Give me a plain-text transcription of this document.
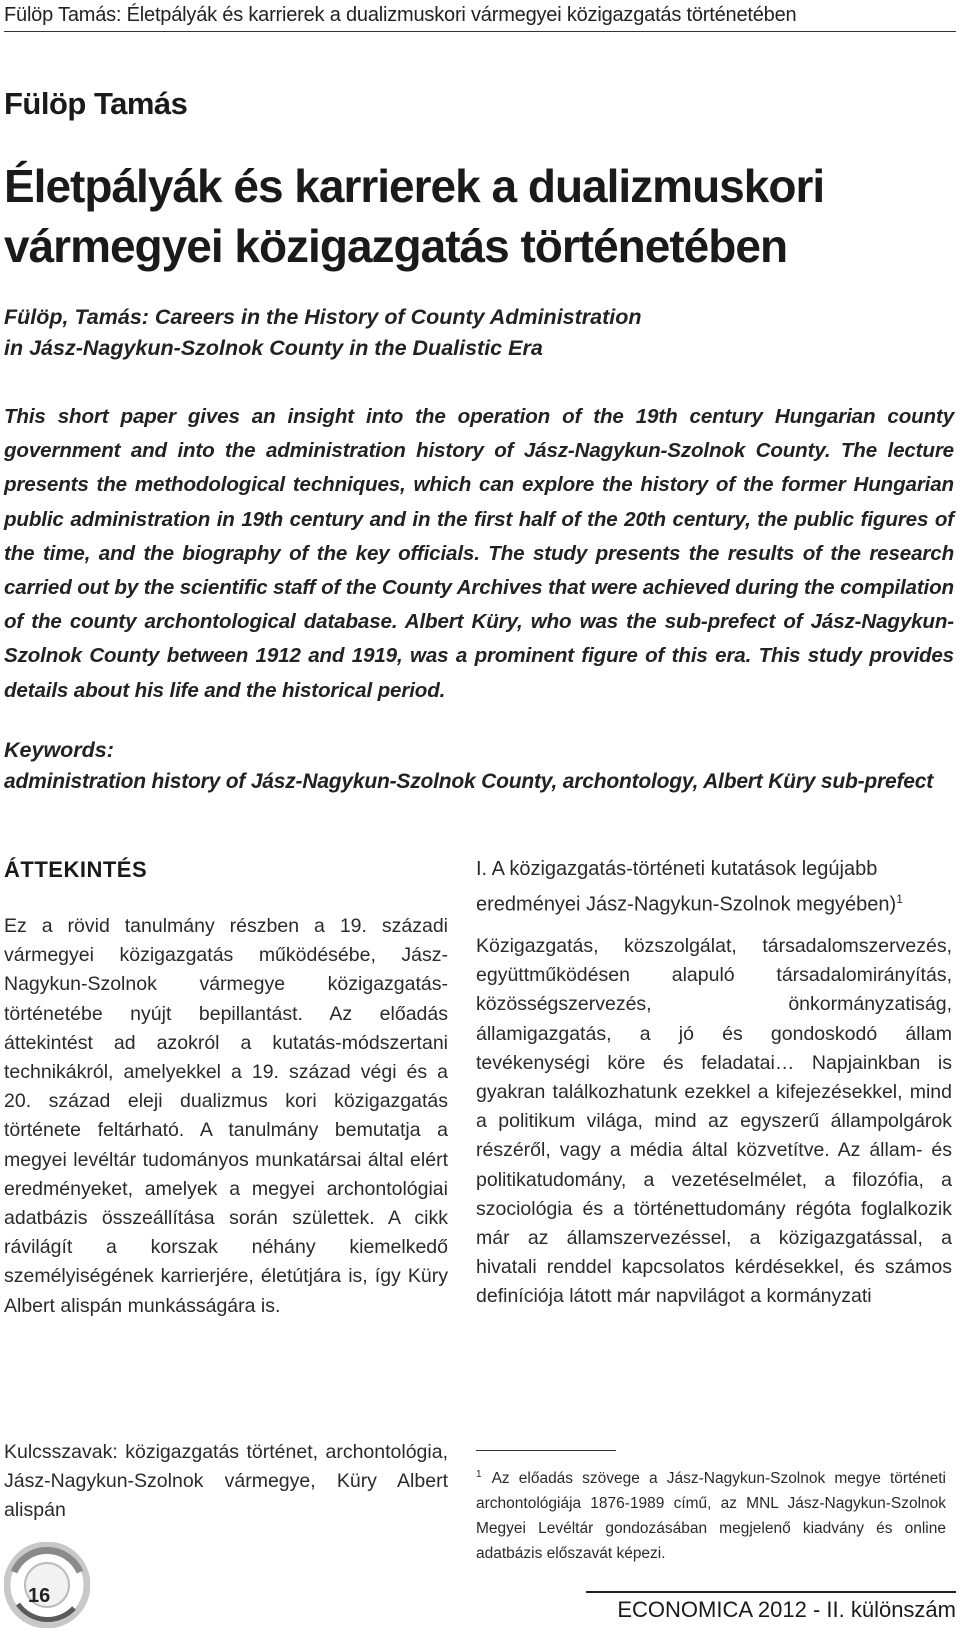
Fülöp Tamás: Életpályák és karrierek a dualizmuskori vármegyei közigazgatás történetében
Fülöp Tamás
Életpályák és karrierek a dualizmuskori
vármegyei közigazgatás történetében
Fülöp, Tamás: Careers in the History of County Administration
in Jász-Nagykun-Szolnok County in the Dualistic Era

This short paper gives an insight into the operation of the 19th century Hungarian county government and into the administration history of Jász-Nagykun-Szolnok County. The lecture presents the methodological techniques, which can explore the history of the former Hungarian public administration in 19th century and in the first half of the 20th century, the public figures of the time, and the biography of the key officials. The study presents the results of the research carried out by the scientific staff of the County Archives that were achieved during the compilation of the county archontological database. Albert Küry, who was the sub-prefect of Jász-Nagykun-Szolnok County between 1912 and 1919, was a prominent figure of this era. This study provides details about his life and the historical period.

Keywords:
administration history of Jász-Nagykun-Szolnok County, archontology, Albert Küry sub-prefect
ÁTTEKINTÉS

Ez a rövid tanulmány részben a 19. századi vármegyei közigazgatás működésébe, Jász-Nagykun-Szolnok vármegye közigazgatás-történetébe nyújt bepillantást. Az előadás áttekintést ad azokról a kutatás-módszertani technikákról, amelyekkel a 19. század végi és a 20. század eleji dualizmus kori közigazgatás története feltárható. A tanulmány bemutatja a megyei levéltár tudományos munkatársai által elért eredményeket, amelyek a megyei archontológiai adatbázis összeállítása során születtek. A cikk rávilágít a korszak néhány kiemelkedő személyiségének karrierjére, életútjára is, így Küry Albert alispán munkásságára is.

Kulcsszavak: közigazgatás történet, archontológia, Jász-Nagykun-Szolnok vármegye, Küry Albert alispán

I. A közigazgatás-történeti kutatások legújabb eredményei Jász-Nagykun-Szolnok megyében)$^1$

Közigazgatás, közszolgálat, társadalomszervezés, együttműködésen alapuló társadalomirányítás, közösségszervezés, önkormányzatiság, államigazgatás, a jó és gondoskodó állam tevékenységi köre és feladatai… Napjainkban is gyakran találkozhatunk ezekkel a kifejezésekkel, mind a politikum világa, mind az egyszerű állampolgárok részéről, vagy a média által közvetítve. Az állam- és politikatudomány, a vezetéselmélet, a filozófia, a szociológia és a történettudomány régóta foglalkozik már az államszervezéssel, a közigazgatással, a hivatali renddel kapcsolatos kérdésekkel, és számos definíciója látott már napvilágot a kormányzati

$^1$ Az előadás szövege a Jász-Nagykun-Szolnok megye történeti archontológiája 1876-1989 című, az MNL Jász-Nagykun-Szolnok Megyei Levéltár gondozásában megjelenő kiadvány és online adatbázis előszavát képezi.

16
ECONOMICA 2012 - II. különszám
